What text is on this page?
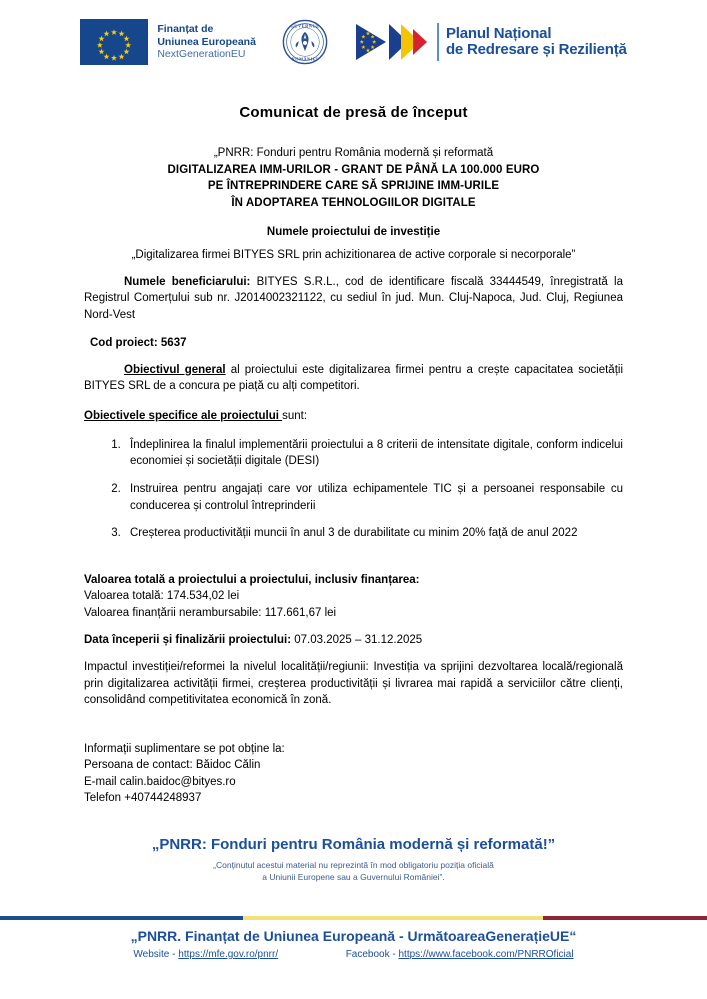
Finanțat de
Uniunea Europeană
NextGenerationEU
GUVERNUL
ROMÂNIEI
Planul Național
de Redresare și Reziliență
Comunicat de presă de început
„PNRR: Fonduri pentru România modernă și reformată
DIGITALIZAREA IMM-URILOR - GRANT DE PÂNĂ LA 100.000 EURO
PE ÎNTREPRINDERE CARE SĂ SPRIJINE IMM-URILE
ÎN ADOPTAREA TEHNOLOGIILOR DIGITALE
Numele proiectului de investiție
„Digitalizarea firmei BITYES SRL prin achizitionarea de active corporale si necorporale”

Numele beneficiarului: BITYES S.R.L., cod de identificare fiscală 33444549, înregistrată la Registrul Comerțului sub nr. J2014002321122, cu sediul în jud. Mun. Cluj-Napoca, Jud. Cluj, Regiunea Nord-Vest

Cod proiect: 5637

Obiectivul general al proiectului este digitalizarea firmei pentru a crește capacitatea societății BITYES SRL de a concura pe piață cu alți competitori.

Obiectivele specifice ale proiectului sunt:

1. Îndeplinirea la finalul implementării proiectului a 8 criterii de intensitate digitale, conform indicelui economiei și societății digitale (DESI)
2. Instruirea pentru angajați care vor utiliza echipamentele TIC și a persoanei responsabile cu conducerea și controlul întreprinderii
3. Creșterea productivității muncii în anul 3 de durabilitate cu minim 20% față de anul 2022
Valoarea totală a proiectului a proiectului, inclusiv finanțarea:
Valoarea totală: 174.534,02 lei
Valoarea finanțării nerambursabile: 117.661,67 lei
Data începerii și finalizării proiectului: 07.03.2025 – 31.12.2025

Impactul investiției/reformei la nivelul localității/regiunii: Investiția va sprijini dezvoltarea locală/regională prin digitalizarea activității firmei, creșterea productivității și livrarea mai rapidă a serviciilor către clienți, consolidând competitivitatea economică în zonă.

Informații suplimentare se pot obține la:
Persoana de contact: Băidoc Călin
E-mail calin.baidoc@bityes.ro
Telefon +40744248937
„PNRR: Fonduri pentru România modernă și reformată!”
„Conținutul acestui material nu reprezintă în mod obligatoriu poziția oficială
a Uniunii Europene sau a Guvernului României”.
„PNRR. Finanțat de Uniunea Europeană - UrmătoareaGenerațieUE“
Website - https://mfe.gov.ro/pnrr/	Facebook - https://www.facebook.com/PNRROficial
